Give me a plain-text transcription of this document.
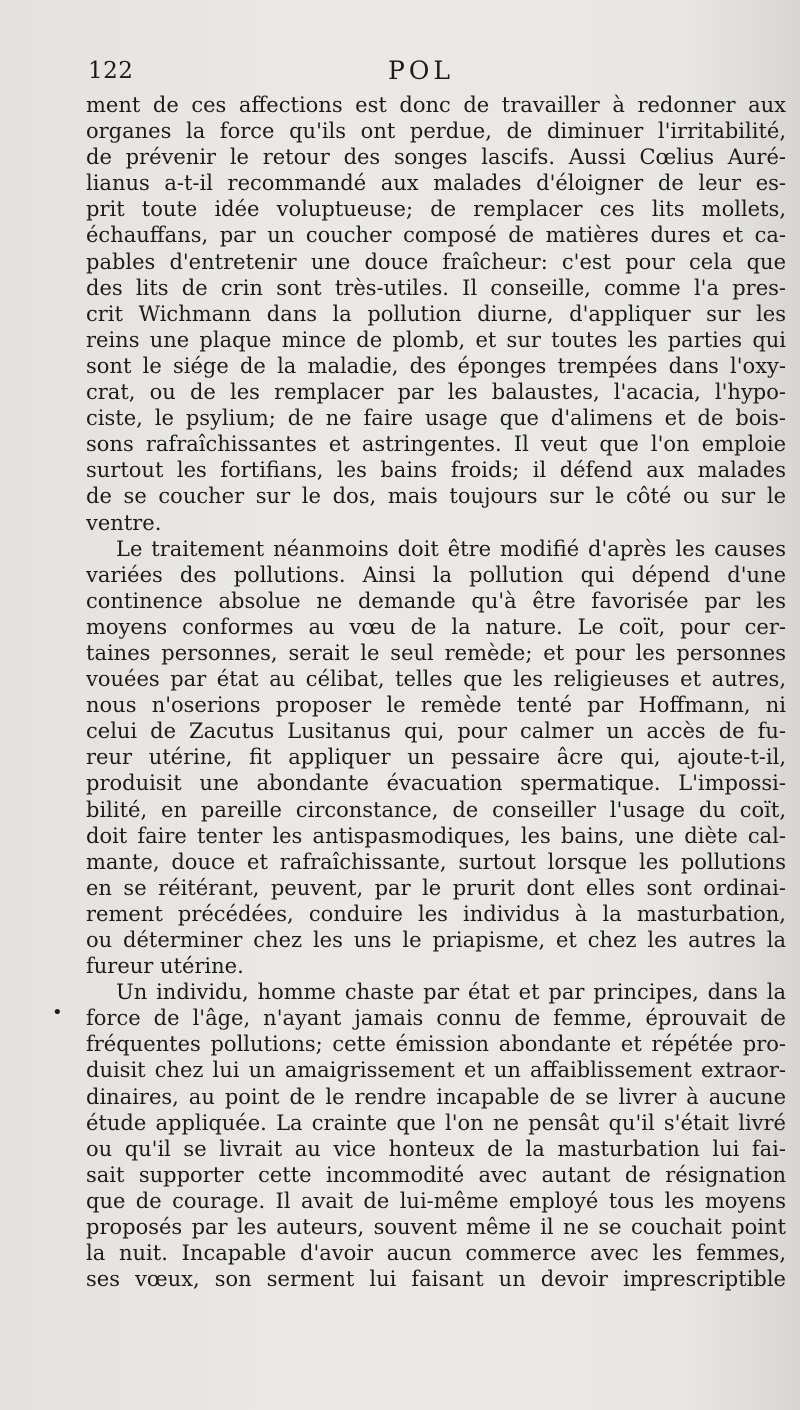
122	POL
•
ment de ces affections est donc de travailler à redonner aux
organes la force qu'ils ont perdue, de diminuer l'irritabilité,
de prévenir le retour des songes lascifs. Aussi Cœlius Auré-
lianus a-t-il recommandé aux malades d'éloigner de leur es-
prit toute idée voluptueuse; de remplacer ces lits mollets,
échauffans, par un coucher composé de matières dures et ca-
pables d'entretenir une douce fraîcheur: c'est pour cela que
des lits de crin sont très-utiles. Il conseille, comme l'a pres-
crit Wichmann dans la pollution diurne, d'appliquer sur les
reins une plaque mince de plomb, et sur toutes les parties qui
sont le siége de la maladie, des éponges trempées dans l'oxy-
crat, ou de les remplacer par les balaustes, l'acacia, l'hypo-
ciste, le psylium; de ne faire usage que d'alimens et de bois-
sons rafraîchissantes et astringentes. Il veut que l'on emploie
surtout les fortifians, les bains froids; il défend aux malades
de se coucher sur le dos, mais toujours sur le côté ou sur le
ventre.
Le traitement néanmoins doit être modifié d'après les causes
variées des pollutions. Ainsi la pollution qui dépend d'une
continence absolue ne demande qu'à être favorisée par les
moyens conformes au vœu de la nature. Le coït, pour cer-
taines personnes, serait le seul remède; et pour les personnes
vouées par état au célibat, telles que les religieuses et autres,
nous n'oserions proposer le remède tenté par Hoffmann, ni
celui de Zacutus Lusitanus qui, pour calmer un accès de fu-
reur utérine, fit appliquer un pessaire âcre qui, ajoute-t-il,
produisit une abondante évacuation spermatique. L'impossi-
bilité, en pareille circonstance, de conseiller l'usage du coït,
doit faire tenter les antispasmodiques, les bains, une diète cal-
mante, douce et rafraîchissante, surtout lorsque les pollutions
en se réitérant, peuvent, par le prurit dont elles sont ordinai-
rement précédées, conduire les individus à la masturbation,
ou déterminer chez les uns le priapisme, et chez les autres la
fureur utérine.
Un individu, homme chaste par état et par principes, dans la
force de l'âge, n'ayant jamais connu de femme, éprouvait de
fréquentes pollutions; cette émission abondante et répétée pro-
duisit chez lui un amaigrissement et un affaiblissement extraor-
dinaires, au point de le rendre incapable de se livrer à aucune
étude appliquée. La crainte que l'on ne pensât qu'il s'était livré
ou qu'il se livrait au vice honteux de la masturbation lui fai-
sait supporter cette incommodité avec autant de résignation
que de courage. Il avait de lui-même employé tous les moyens
proposés par les auteurs, souvent même il ne se couchait point
la nuit. Incapable d'avoir aucun commerce avec les femmes,
ses vœux, son serment lui faisant un devoir imprescriptible
